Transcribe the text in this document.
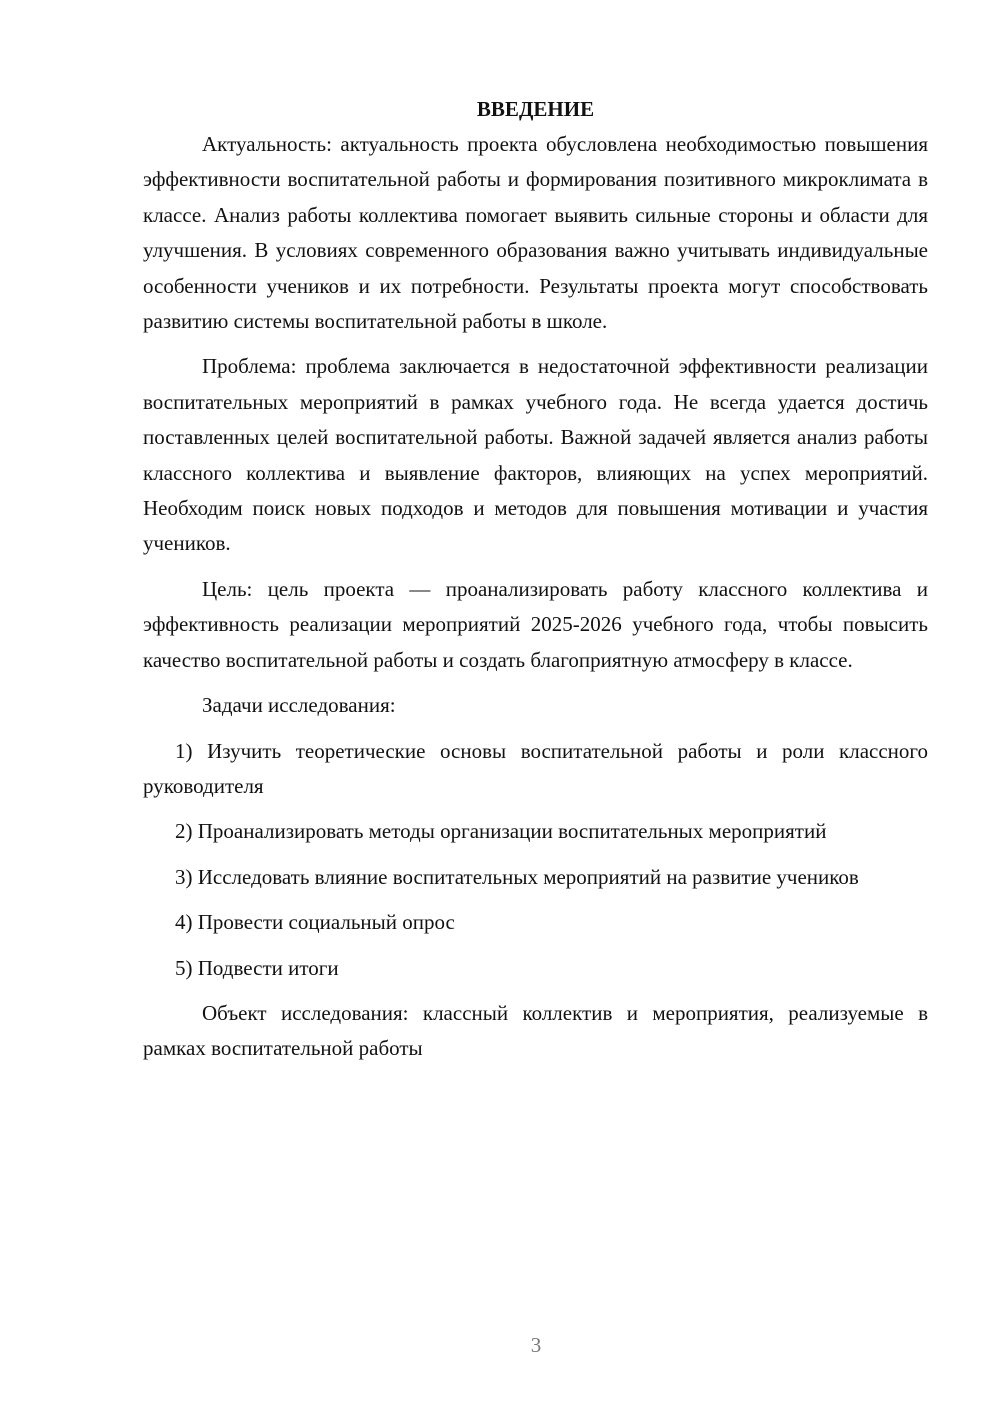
ВВЕДЕНИЕ

Актуальность: актуальность проекта обусловлена необходимостью повышения эффективности воспитательной работы и формирования позитивного микроклимата в классе. Анализ работы коллектива помогает выявить сильные стороны и области для улучшения. В условиях современного образования важно учитывать индивидуальные особенности учеников и их потребности. Результаты проекта могут способствовать развитию системы воспитательной работы в школе.

Проблема: проблема заключается в недостаточной эффективности реализации воспитательных мероприятий в рамках учебного года. Не всегда удается достичь поставленных целей воспитательной работы. Важной задачей является анализ работы классного коллектива и выявление факторов, влияющих на успех мероприятий. Необходим поиск новых подходов и методов для повышения мотивации и участия учеников.

Цель: цель проекта — проанализировать работу классного коллектива и эффективность реализации мероприятий 2025-2026 учебного года, чтобы повысить качество воспитательной работы и создать благоприятную атмосферу в классе.

Задачи исследования:

1) Изучить теоретические основы воспитательной работы и роли классного руководителя

2) Проанализировать методы организации воспитательных мероприятий

3) Исследовать влияние воспитательных мероприятий на развитие учеников

4) Провести социальный опрос

5) Подвести итоги

Объект исследования: классный коллектив и мероприятия, реализуемые в рамках воспитательной работы

3
